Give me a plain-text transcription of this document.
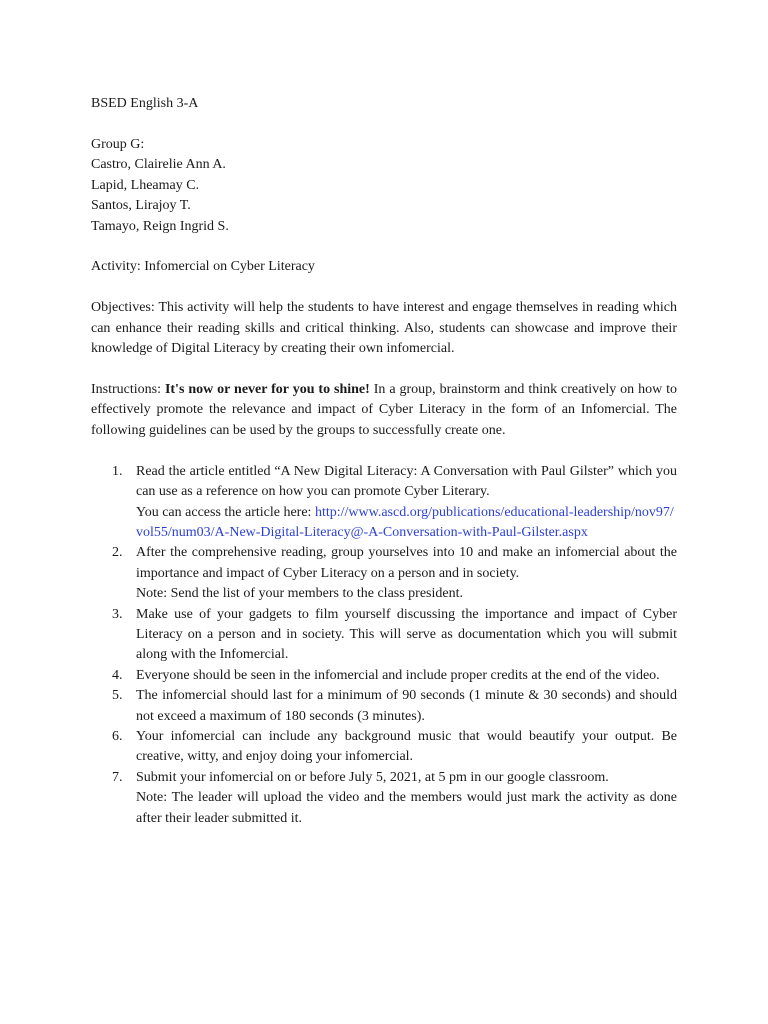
BSED English 3-A
Group G:
Castro, Clairelie Ann A.
Lapid, Lheamay C.
Santos, Lirajoy T.
Tamayo, Reign Ingrid S.
Activity: Infomercial on Cyber Literacy
Objectives: This activity will help the students to have interest and engage themselves in reading which can enhance their reading skills and critical thinking. Also, students can showcase and improve their knowledge of Digital Literacy by creating their own infomercial.
Instructions: It's now or never for you to shine! In a group, brainstorm and think creatively on how to effectively promote the relevance and impact of Cyber Literacy in the form of an Infomercial. The following guidelines can be used by the groups to successfully create one.
1. Read the article entitled “A New Digital Literacy: A Conversation with Paul Gilster” which you can use as a reference on how you can promote Cyber Literary.
You can access the article here: http://www.ascd.org/publications/educational-leadership/nov97/vol55/num03/A-New-Digital-Literacy@-A-Conversation-with-Paul-Gilster.aspx
2. After the comprehensive reading, group yourselves into 10 and make an infomercial about the importance and impact of Cyber Literacy on a person and in society.
Note: Send the list of your members to the class president.
3. Make use of your gadgets to film yourself discussing the importance and impact of Cyber Literacy on a person and in society. This will serve as documentation which you will submit along with the Infomercial.
4. Everyone should be seen in the infomercial and include proper credits at the end of the video.
5. The infomercial should last for a minimum of 90 seconds (1 minute & 30 seconds) and should not exceed a maximum of 180 seconds (3 minutes).
6. Your infomercial can include any background music that would beautify your output. Be creative, witty, and enjoy doing your infomercial.
7. Submit your infomercial on or before July 5, 2021, at 5 pm in our google classroom.
Note: The leader will upload the video and the members would just mark the activity as done after their leader submitted it.
